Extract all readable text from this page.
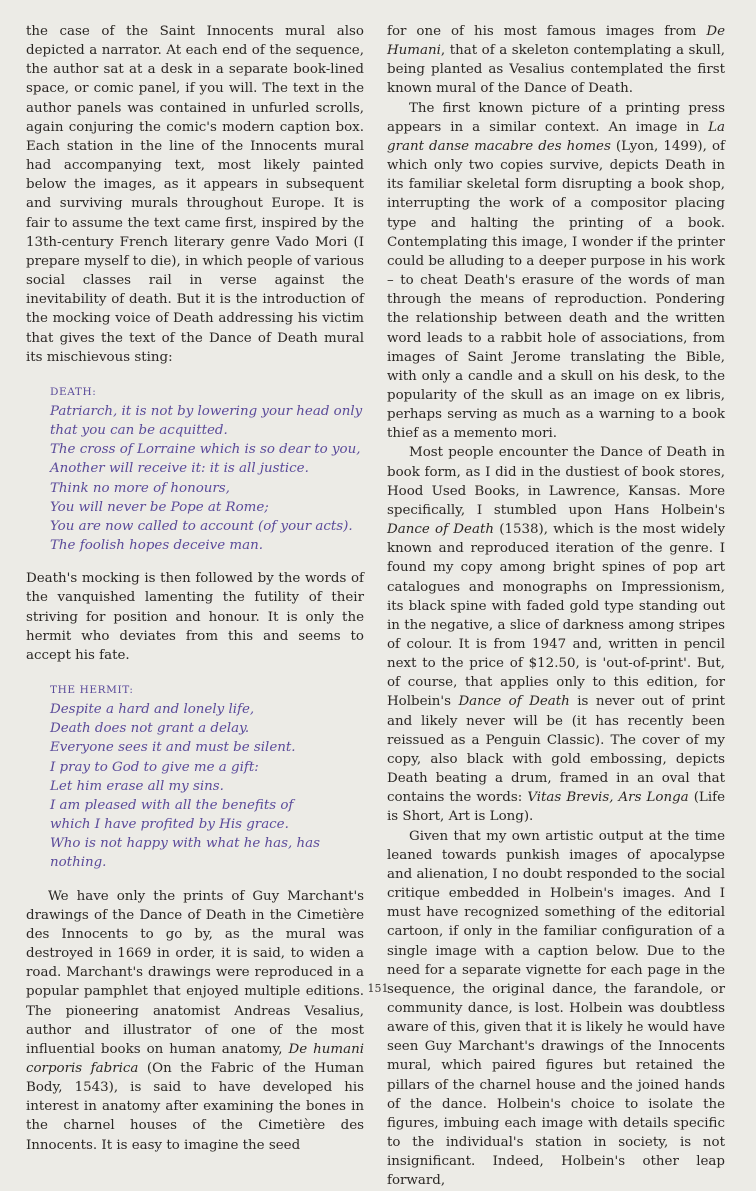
the case of the Saint Innocents mural also depicted a narrator. At each end of the sequence, the author sat at a desk in a separate book-lined space, or comic panel, if you will. The text in the author panels was contained in unfurled scrolls, again conjuring the comic's modern caption box. Each station in the line of the Innocents mural had accompanying text, most likely painted below the images, as it appears in subsequent and surviving murals throughout Europe. It is fair to assume the text came first, inspired by the 13th-century French literary genre Vado Mori (I prepare myself to die), in which people of various social classes rail in verse against the inevitability of death. But it is the introduction of the mocking voice of Death addressing his victim that gives the text of the Dance of Death mural its mischievous sting:

DEATH:
Patriarch, it is not by lowering your head only
that you can be acquitted.
The cross of Lorraine which is so dear to you,
Another will receive it: it is all justice.
Think no more of honours,
You will never be Pope at Rome;
You are now called to account (of your acts).
The foolish hopes deceive man.

Death's mocking is then followed by the words of the vanquished lamenting the futility of their striving for position and honour. It is only the hermit who deviates from this and seems to accept his fate.

THE HERMIT:
Despite a hard and lonely life,
Death does not grant a delay.
Everyone sees it and must be silent.
I pray to God to give me a gift:
Let him erase all my sins.
I am pleased with all the benefits of
which I have profited by His grace.
Who is not happy with what he has, has nothing.

We have only the prints of Guy Marchant's drawings of the Dance of Death in the Cimetière des Innocents to go by, as the mural was destroyed in 1669 in order, it is said, to widen a road. Marchant's drawings were reproduced in a popular pamphlet that enjoyed multiple editions. The pioneering anatomist Andreas Vesalius, author and illustrator of one of the most influential books on human anatomy, De humani corporis fabrica (On the Fabric of the Human Body, 1543), is said to have developed his interest in anatomy after examining the bones in the charnel houses of the Cimetière des Innocents. It is easy to imagine the seed

for one of his most famous images from De Humani, that of a skeleton contemplating a skull, being planted as Vesalius contemplated the first known mural of the Dance of Death.

The first known picture of a printing press appears in a similar context. An image in La grant danse macabre des homes (Lyon, 1499), of which only two copies survive, depicts Death in its familiar skeletal form disrupting a book shop, interrupting the work of a compositor placing type and halting the printing of a book. Contemplating this image, I wonder if the printer could be alluding to a deeper purpose in his work – to cheat Death's erasure of the words of man through the means of reproduction. Pondering the relationship between death and the written word leads to a rabbit hole of associations, from images of Saint Jerome translating the Bible, with only a candle and a skull on his desk, to the popularity of the skull as an image on ex libris, perhaps serving as much as a warning to a book thief as a memento mori.

Most people encounter the Dance of Death in book form, as I did in the dustiest of book stores, Hood Used Books, in Lawrence, Kansas. More specifically, I stumbled upon Hans Holbein's Dance of Death (1538), which is the most widely known and reproduced iteration of the genre. I found my copy among bright spines of pop art catalogues and monographs on Impressionism, its black spine with faded gold type standing out in the negative, a slice of darkness among stripes of colour. It is from 1947 and, written in pencil next to the price of $12.50, is 'out-of-print'. But, of course, that applies only to this edition, for Holbein's Dance of Death is never out of print and likely never will be (it has recently been reissued as a Penguin Classic). The cover of my copy, also black with gold embossing, depicts Death beating a drum, framed in an oval that contains the words: Vitas Brevis, Ars Longa (Life is Short, Art is Long).

Given that my own artistic output at the time leaned towards punkish images of apocalypse and alienation, I no doubt responded to the social critique embedded in Holbein's images. And I must have recognized something of the editorial cartoon, if only in the familiar configuration of a single image with a caption below. Due to the need for a separate vignette for each page in the sequence, the original dance, the farandole, or community dance, is lost. Holbein was doubtless aware of this, given that it is likely he would have seen Guy Marchant's drawings of the Innocents mural, which paired figures but retained the pillars of the charnel house and the joined hands of the dance. Holbein's choice to isolate the figures, imbuing each image with details specific to the individual's station in society, is not insignificant. Indeed, Holbein's other leap forward,

151
